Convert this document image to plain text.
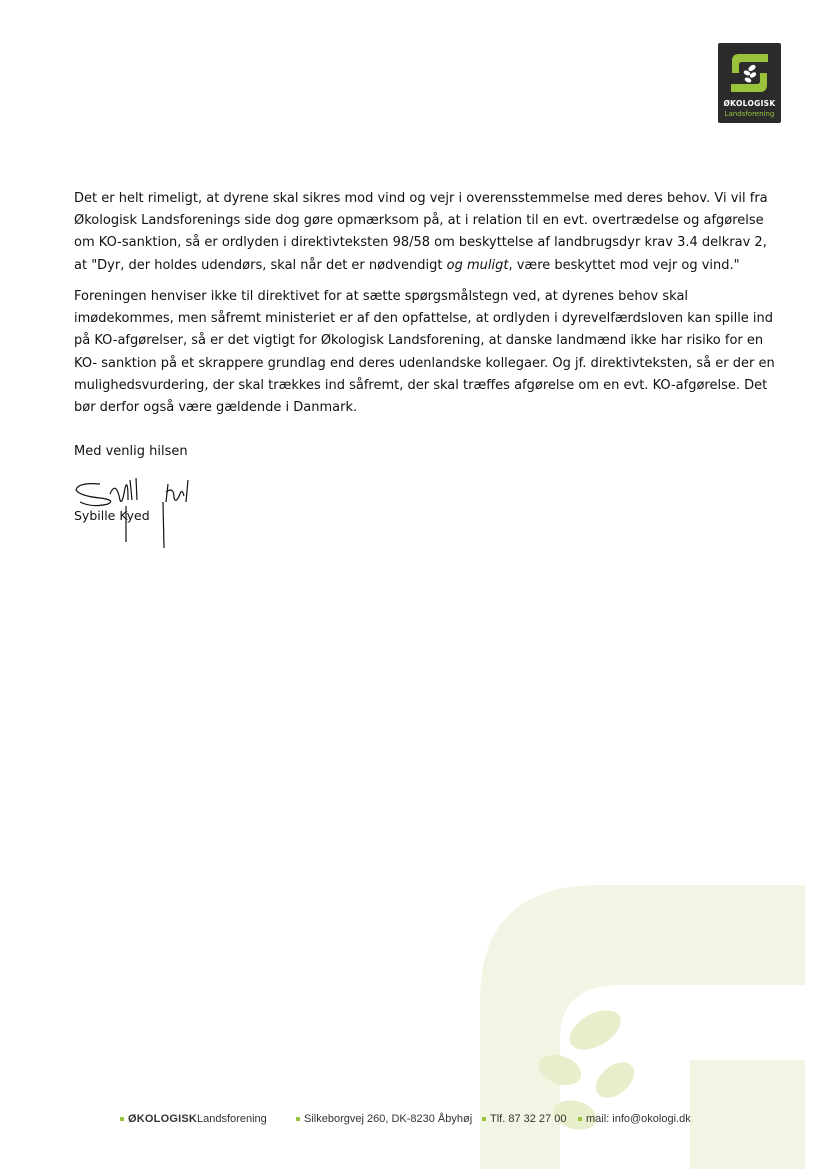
ØKOLOGISK
Landsforening
Det er helt rimeligt, at dyrene skal sikres mod vind og vejr i overensstemmelse med deres behov. Vi vil fra
Økologisk Landsforenings side dog gøre opmærksom på, at i relation til en evt. overtrædelse og afgørelse
om KO-sanktion, så er ordlyden i direktivteksten 98/58 om beskyttelse af landbrugsdyr krav 3.4 delkrav 2,
at "Dyr, der holdes udendørs, skal når det er nødvendigt og muligt, være beskyttet mod vejr og vind."
Foreningen henviser ikke til direktivet for at sætte spørgsmålstegn ved, at dyrenes behov skal
imødekommes, men såfremt ministeriet er af den opfattelse, at ordlyden i dyrevelfærdsloven kan spille ind
på KO-afgørelser, så er det vigtigt for Økologisk Landsforening, at danske landmænd ikke har risiko for en
KO- sanktion på et skrappere grundlag end deres udenlandske kollegaer. Og jf. direktivteksten, så er der en
mulighedsvurdering, der skal trækkes ind såfremt, der skal træffes afgørelse om en evt. KO-afgørelse. Det
bør derfor også være gældende i Danmark.
Med venlig hilsen
Sybille Kyed
ØKOLOGISKLandsforening	Silkeborgvej 260, DK-8230 Åbyhøj	Tlf. 87 32 27 00	mail: info@okologi.dk
